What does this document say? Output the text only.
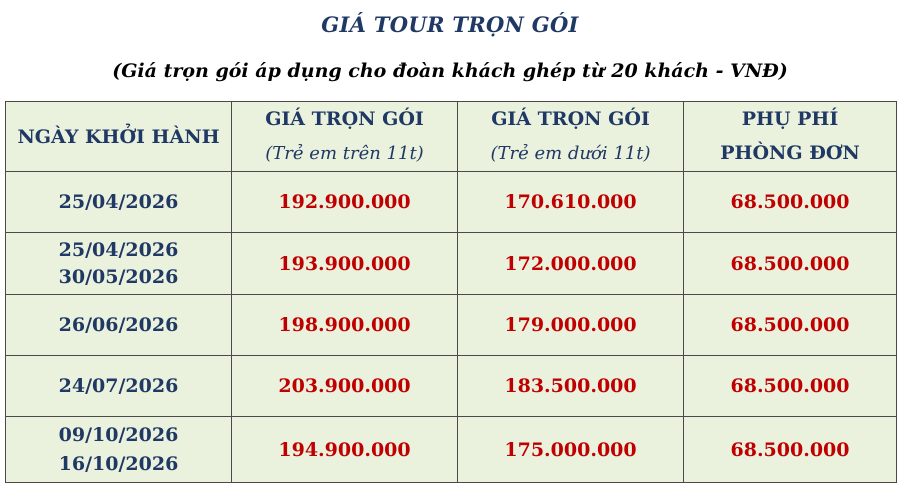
GIÁ TOUR TRỌN GÓI
(Giá trọn gói áp dụng cho đoàn khách ghép từ 20 khách - VNĐ)
NGÀY KHỞI HÀNH	GIÁ TRỌN GÓI	GIÁ TRỌN GÓI	PHỤ PHÍ
	(Trẻ em trên 11t)	(Trẻ em dưới 11t)	PHÒNG ĐƠN

25/04/2026	192.900.000	170.610.000	68.500.000

25/04/2026
30/05/2026	193.900.000	172.000.000	68.500.000

26/06/2026	198.900.000	179.000.000	68.500.000

24/07/2026	203.900.000	183.500.000	68.500.000

09/10/2026
16/10/2026	194.900.000	175.000.000	68.500.000
